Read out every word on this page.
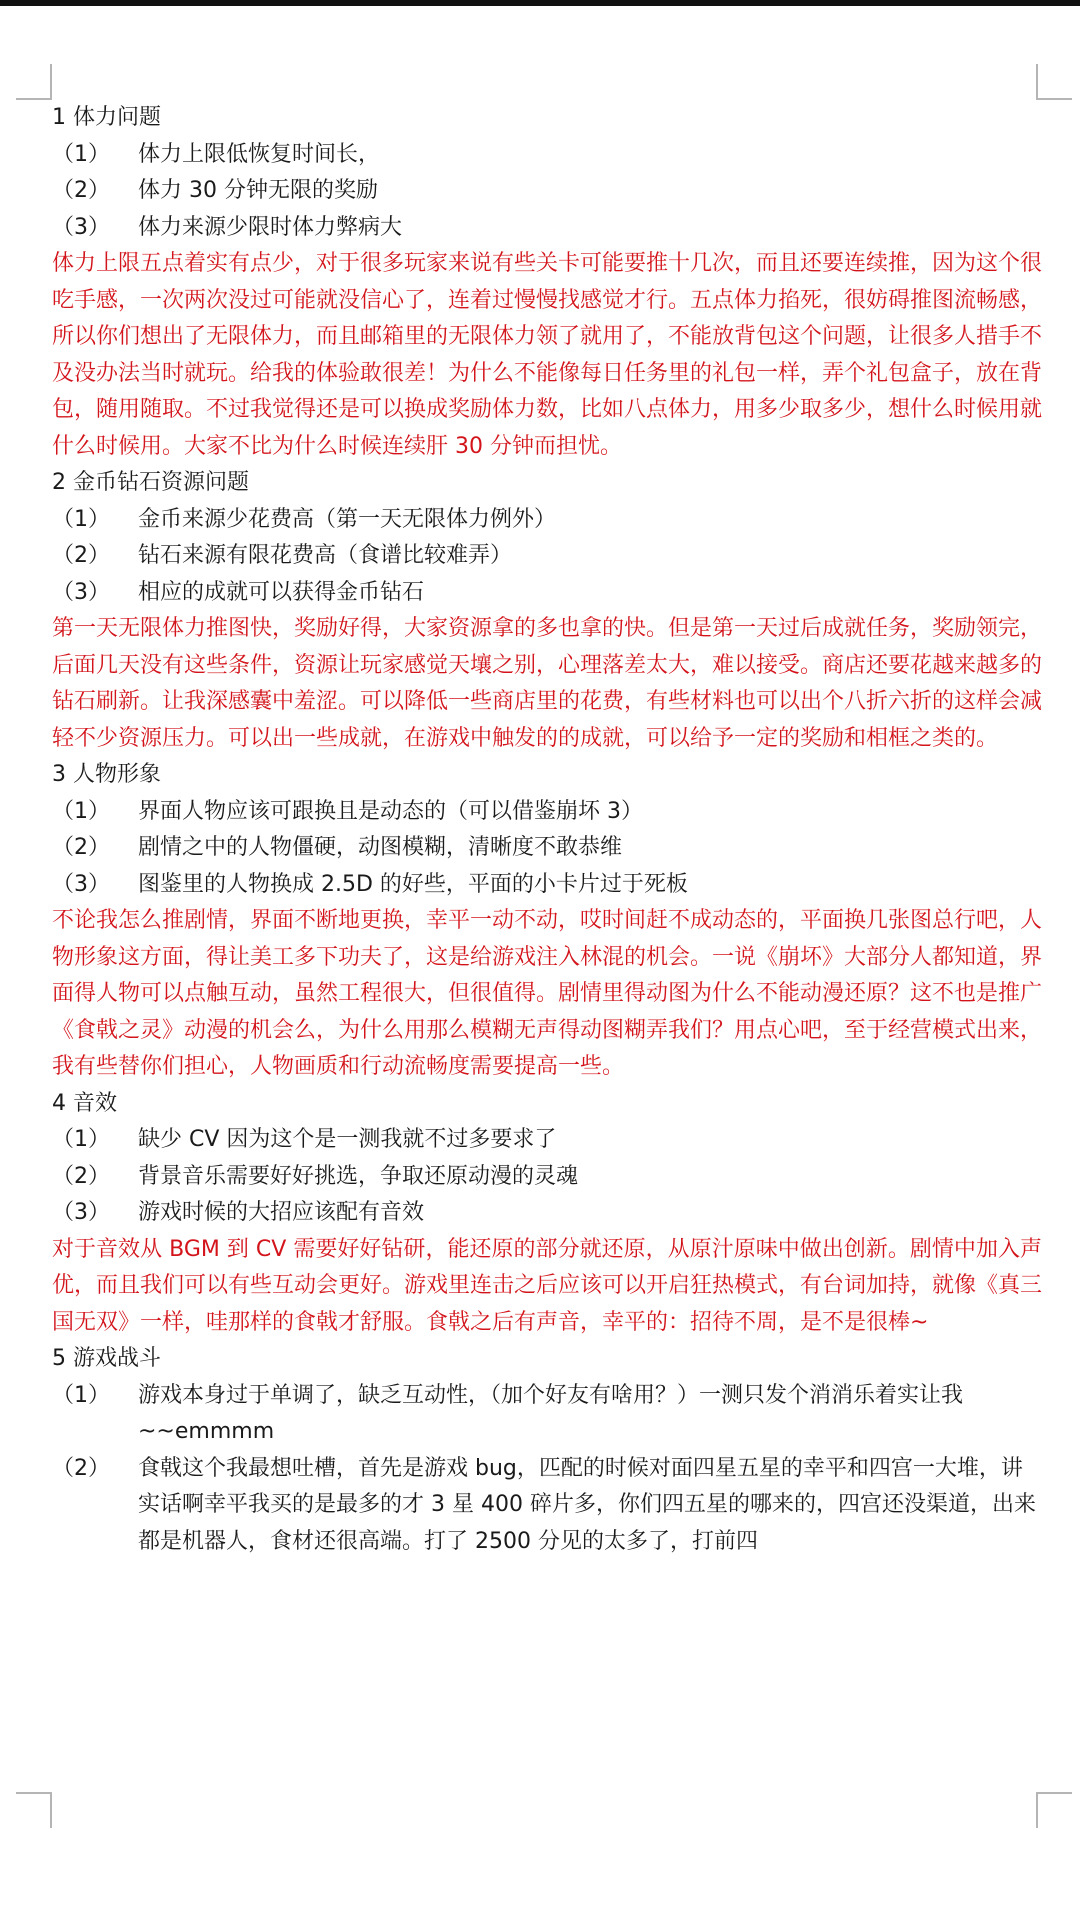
1 体力问题

（1）	体力上限低恢复时间长，
（2）	体力 30 分钟无限的奖励
（3）	体力来源少限时体力弊病大

体力上限五点着实有点少，对于很多玩家来说有些关卡可能要推十几次，而且还要连续推，因为这个很吃手感，一次两次没过可能就没信心了，连着过慢慢找感觉才行。五点体力掐死，很妨碍推图流畅感，所以你们想出了无限体力，而且邮箱里的无限体力领了就用了，不能放背包这个问题，让很多人措手不及没办法当时就玩。给我的体验敢很差！为什么不能像每日任务里的礼包一样，弄个礼包盒子，放在背包，随用随取。不过我觉得还是可以换成奖励体力数，比如八点体力，用多少取多少，想什么时候用就什么时候用。大家不比为什么时候连续肝 30 分钟而担忧。

2 金币钻石资源问题

（1）	金币来源少花费高（第一天无限体力例外）
（2）	钻石来源有限花费高（食谱比较难弄）
（3）	相应的成就可以获得金币钻石

第一天无限体力推图快，奖励好得，大家资源拿的多也拿的快。但是第一天过后成就任务，奖励领完，后面几天没有这些条件，资源让玩家感觉天壤之别，心理落差太大，难以接受。商店还要花越来越多的钻石刷新。让我深感囊中羞涩。可以降低一些商店里的花费，有些材料也可以出个八折六折的这样会减轻不少资源压力。可以出一些成就，在游戏中触发的的成就，可以给予一定的奖励和相框之类的。

3 人物形象

（1）	界面人物应该可跟换且是动态的（可以借鉴崩坏 3）
（2）	剧情之中的人物僵硬，动图模糊，清晰度不敢恭维
（3）	图鉴里的人物换成 2.5D 的好些，平面的小卡片过于死板

不论我怎么推剧情，界面不断地更换，幸平一动不动，哎时间赶不成动态的，平面换几张图总行吧，人物形象这方面，得让美工多下功夫了，这是给游戏注入林混的机会。一说《崩坏》大部分人都知道，界面得人物可以点触互动，虽然工程很大，但很值得。剧情里得动图为什么不能动漫还原？这不也是推广《食戟之灵》动漫的机会么，为什么用那么模糊无声得动图糊弄我们？用点心吧，至于经营模式出来，我有些替你们担心，人物画质和行动流畅度需要提高一些。

4 音效

（1）	缺少 CV 因为这个是一测我就不过多要求了
（2）	背景音乐需要好好挑选，争取还原动漫的灵魂
（3）	游戏时候的大招应该配有音效

对于音效从 BGM 到 CV 需要好好钻研，能还原的部分就还原，从原汁原味中做出创新。剧情中加入声优，而且我们可以有些互动会更好。游戏里连击之后应该可以开启狂热模式，有台词加持，就像《真三国无双》一样，哇那样的食戟才舒服。食戟之后有声音，幸平的：招待不周，是不是很棒~

5 游戏战斗

（1）	游戏本身过于单调了，缺乏互动性，（加个好友有啥用？）一测只发个消消乐着实让我~~emmmm
（2）	食戟这个我最想吐槽，首先是游戏 bug，匹配的时候对面四星五星的幸平和四宫一大堆，讲实话啊幸平我买的是最多的才 3 星 400 碎片多，你们四五星的哪来的，四宫还没渠道，出来都是机器人，食材还很高端。打了 2500 分见的太多了，打前四
